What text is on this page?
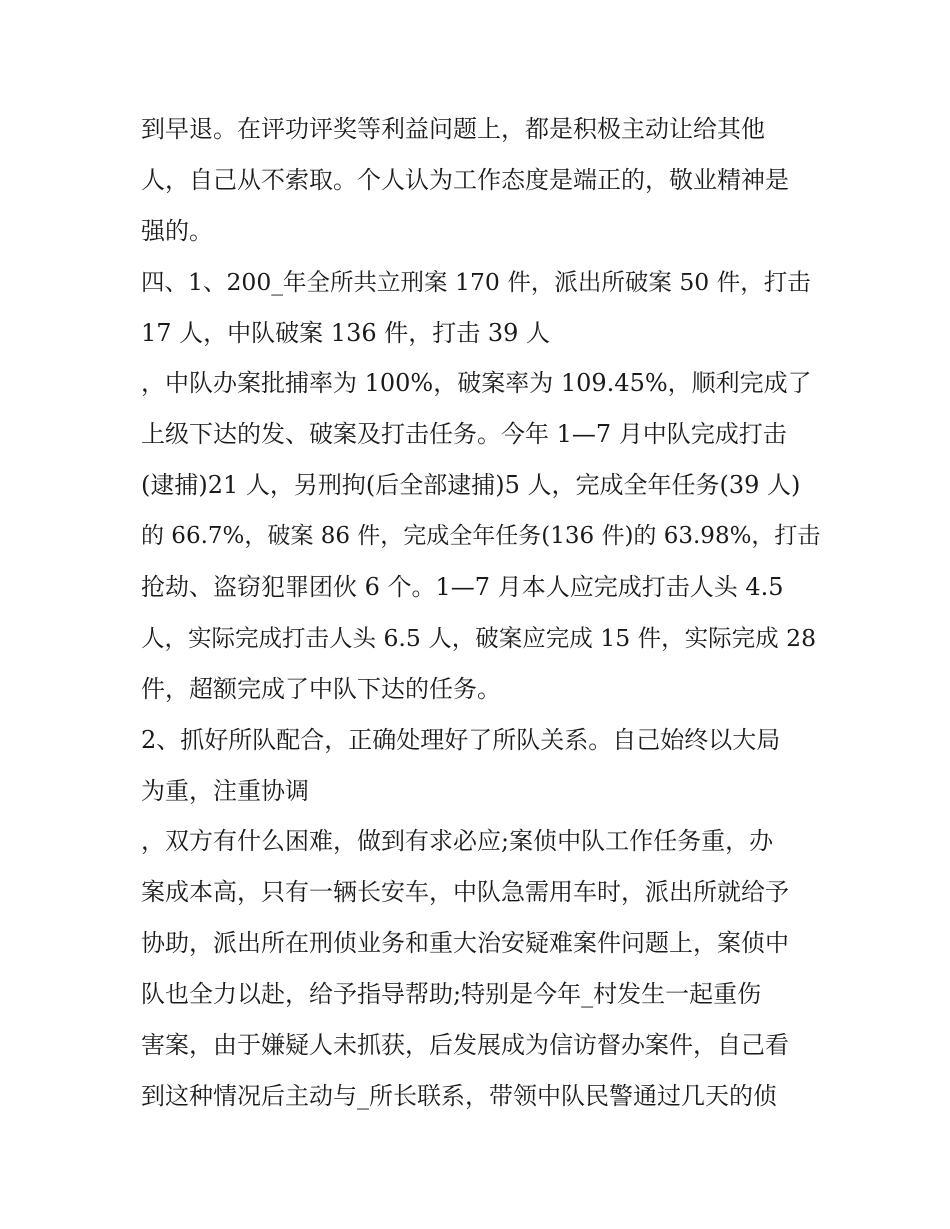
到早退。在评功评奖等利益问题上，都是积极主动让给其他
人，自己从不索取。个人认为工作态度是端正的，敬业精神是
强的。
四、1、200_年全所共立刑案 170 件，派出所破案 50 件，打击
17 人，中队破案 136 件，打击 39 人
，中队办案批捕率为 100%，破案率为 109.45%，顺利完成了
上级下达的发、破案及打击任务。今年 1—7 月中队完成打击
(逮捕)21 人，另刑拘(后全部逮捕)5 人，完成全年任务(39 人)
的 66.7%，破案 86 件，完成全年任务(136 件)的 63.98%，打击
抢劫、盗窃犯罪团伙 6 个。1—7 月本人应完成打击人头 4.5
人，实际完成打击人头 6.5 人，破案应完成 15 件，实际完成 28
件，超额完成了中队下达的任务。
2、抓好所队配合，正确处理好了所队关系。自己始终以大局
为重，注重协调
，双方有什么困难，做到有求必应;案侦中队工作任务重，办
案成本高，只有一辆长安车，中队急需用车时，派出所就给予
协助，派出所在刑侦业务和重大治安疑难案件问题上，案侦中
队也全力以赴，给予指导帮助;特别是今年_村发生一起重伤
害案，由于嫌疑人未抓获，后发展成为信访督办案件，自己看
到这种情况后主动与_所长联系，带领中队民警通过几天的侦
